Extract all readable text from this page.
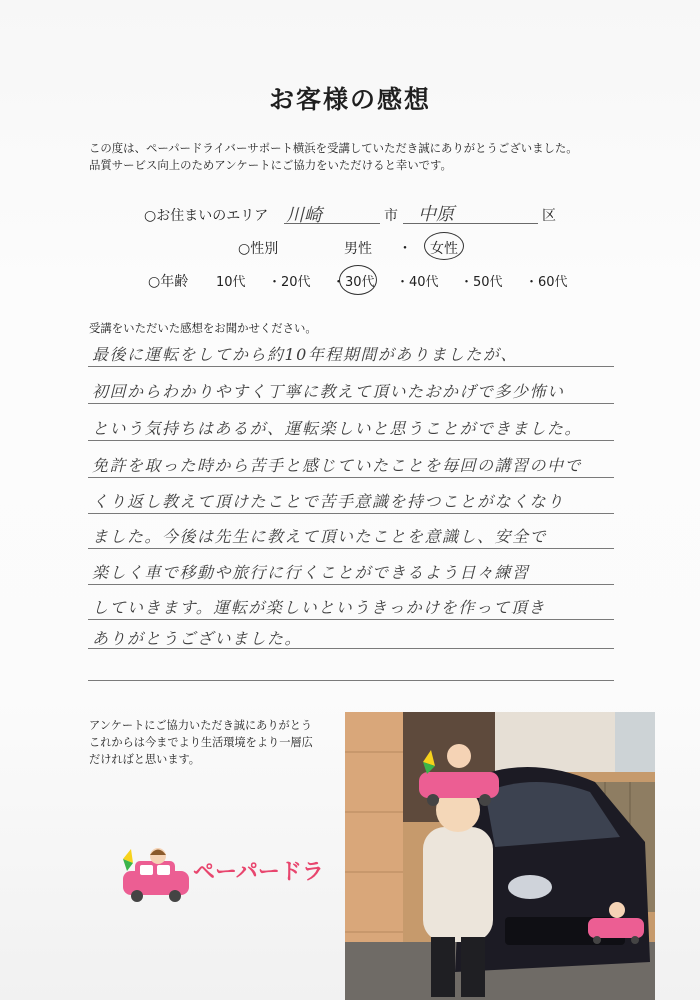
お客様の感想
この度は、ペーパードライバーサポート横浜を受講していただき誠にありがとうございました。
品質サービス向上のためアンケートにご協力をいただけると幸いです。
○お住まいのエリア 川崎	市 中原	区
○性別	男性 ・ 女性
○年齢 10代 ・20代 ・30代 ・40代 ・50代 ・60代
受講をいただいた感想をお聞かせください。
最後に運転をしてから約10年程期間がありましたが、
初回からわかりやすく丁寧に教えて頂いたおかげで多少怖い
という気持ちはあるが、運転楽しいと思うことができました。
免許を取った時から苦手と感じていたことを毎回の講習の中で
くり返し教えて頂けたことで苦手意識を持つことがなくなり
ました。今後は先生に教えて頂いたことを意識し、安全で
楽しく車で移動や旅行に行くことができるよう日々練習
していきます。運転が楽しいというきっかけを作って頂き
ありがとうございました。
アンケートにご協力いただき誠にありがとう
これからは今までより生活環境をより一層広
だければと思います。
ペーパードラ
